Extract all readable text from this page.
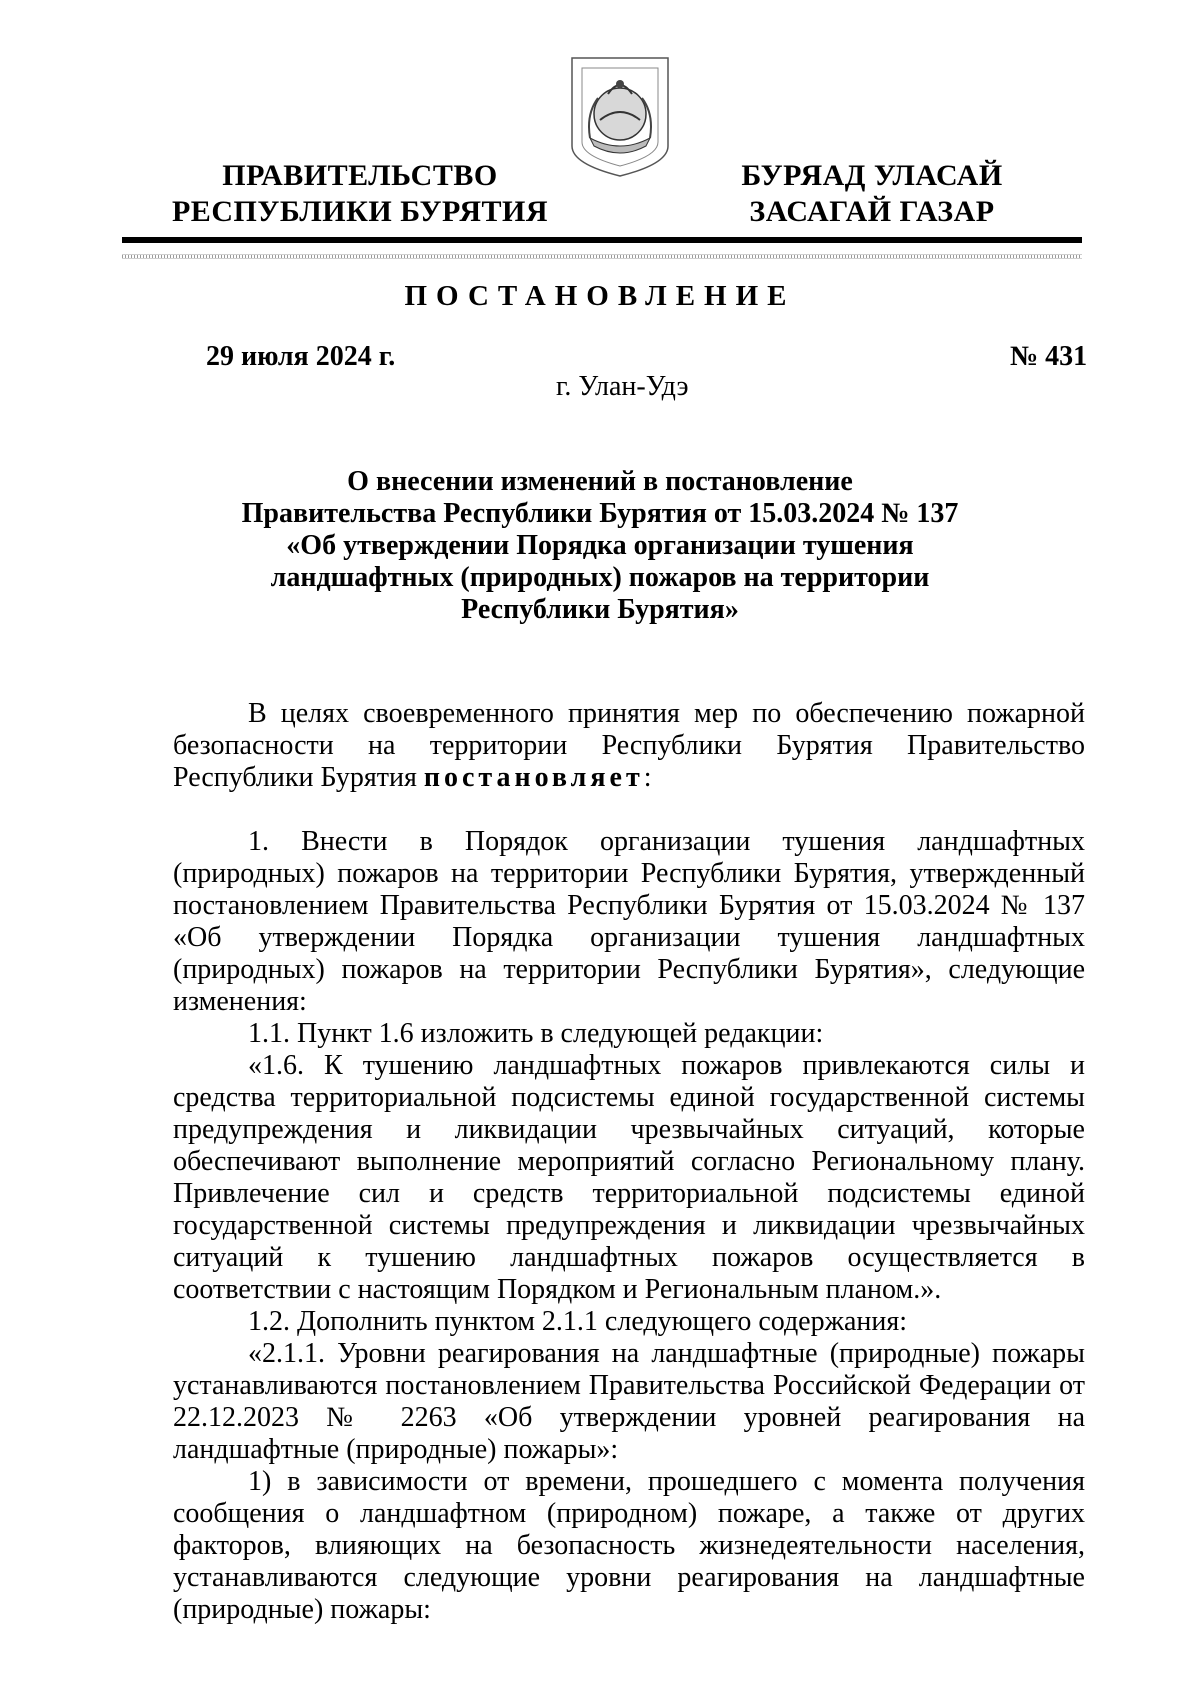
ПРАВИТЕЛЬСТВО
РЕСПУБЛИКИ БУРЯТИЯ
БУРЯАД УЛАСАЙ
ЗАСАГАЙ ГАЗАР
ПОСТАНОВЛЕНИЕ
29 июля 2024 г.	№ 431
г. Улан-Удэ
О внесении изменений в постановление
Правительства Республики Бурятия от 15.03.2024 № 137
«Об утверждении Порядка организации тушения
ландшафтных (природных) пожаров на территории
Республики Бурятия»

В целях своевременного принятия мер по обеспечению пожарной безопасности на территории Республики Бурятия Правительство Республики Бурятия постановляет:

1. Внести в Порядок организации тушения ландшафтных (природных) пожаров на территории Республики Бурятия, утвержденный постановлением Правительства Республики Бурятия от 15.03.2024 № 137 «Об утверждении Порядка организации тушения ландшафтных (природных) пожаров на территории Республики Бурятия», следующие изменения:

1.1. Пункт 1.6 изложить в следующей редакции:

«1.6. К тушению ландшафтных пожаров привлекаются силы и средства территориальной подсистемы единой государственной системы предупреждения и ликвидации чрезвычайных ситуаций, которые обеспечивают выполнение мероприятий согласно Региональному плану. Привлечение сил и средств территориальной подсистемы единой государственной системы предупреждения и ликвидации чрезвычайных ситуаций к тушению ландшафтных пожаров осуществляется в соответствии с настоящим Порядком и Региональным планом.».

1.2. Дополнить пунктом 2.1.1 следующего содержания:

«2.1.1. Уровни реагирования на ландшафтные (природные) пожары устанавливаются постановлением Правительства Российской Федерации от 22.12.2023 № 2263 «Об утверждении уровней реагирования на ландшафтные (природные) пожары»:

1) в зависимости от времени, прошедшего с момента получения сообщения о ландшафтном (природном) пожаре, а также от других факторов, влияющих на безопасность жизнедеятельности населения, устанавливаются следующие уровни реагирования на ландшафтные (природные) пожары:
